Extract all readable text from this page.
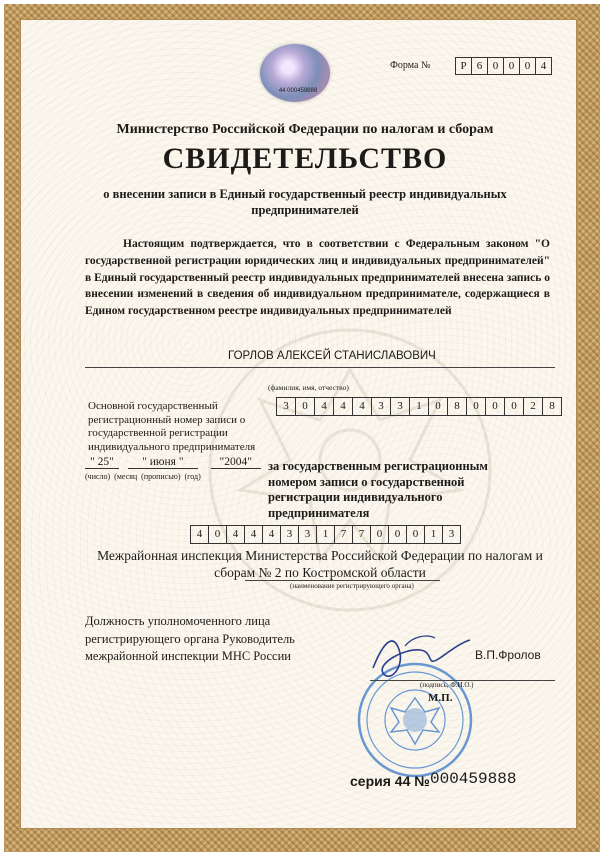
44 000459888
Форма №	Р 6 0 0 0 4
Министерство Российской Федерации по налогам и сборам
СВИДЕТЕЛЬСТВО
о внесении записи в Единый государственный реестр индивидуальных предпринимателей
Настоящим подтверждается, что в соответствии с Федеральным законом "О государственной регистрации юридических лиц и индивидуальных предпринимателей" в Единый государственный реестр индивидуальных предпринимателей внесена запись о внесении изменений в сведения об индивидуальном предпринимателе, содержащиеся в Едином государственном реестре индивидуальных предпринимателей
ГОРЛОВ АЛЕКСЕЙ СТАНИСЛАВОВИЧ
(фамилия, имя, отчество)
Основной государственный регистрационный номер записи о государственной регистрации индивидуального предпринимателя
3	0	4	4	4	3	3	1	0	8	0	0	0	2	8
" 25" " июня "	"2004"
(число) (месяц (прописью) (год)
за государственным регистрационным номером записи о государственной регистрации индивидуального предпринимателя
4	0	4	4	4	3	3	1	7	7	0	0	0	1	3
Межрайонная инспекция Министерства Российской Федерации по налогам и сборам № 2 по Костромской области
(наименование регистрирующего органа)
Должность уполномоченного лица регистрирующего органа Руководитель межрайонной инспекции МНС России	В.П.Фролов
(подпись, Ф.И.О.)
М.П.
серия 44 № 000459888
